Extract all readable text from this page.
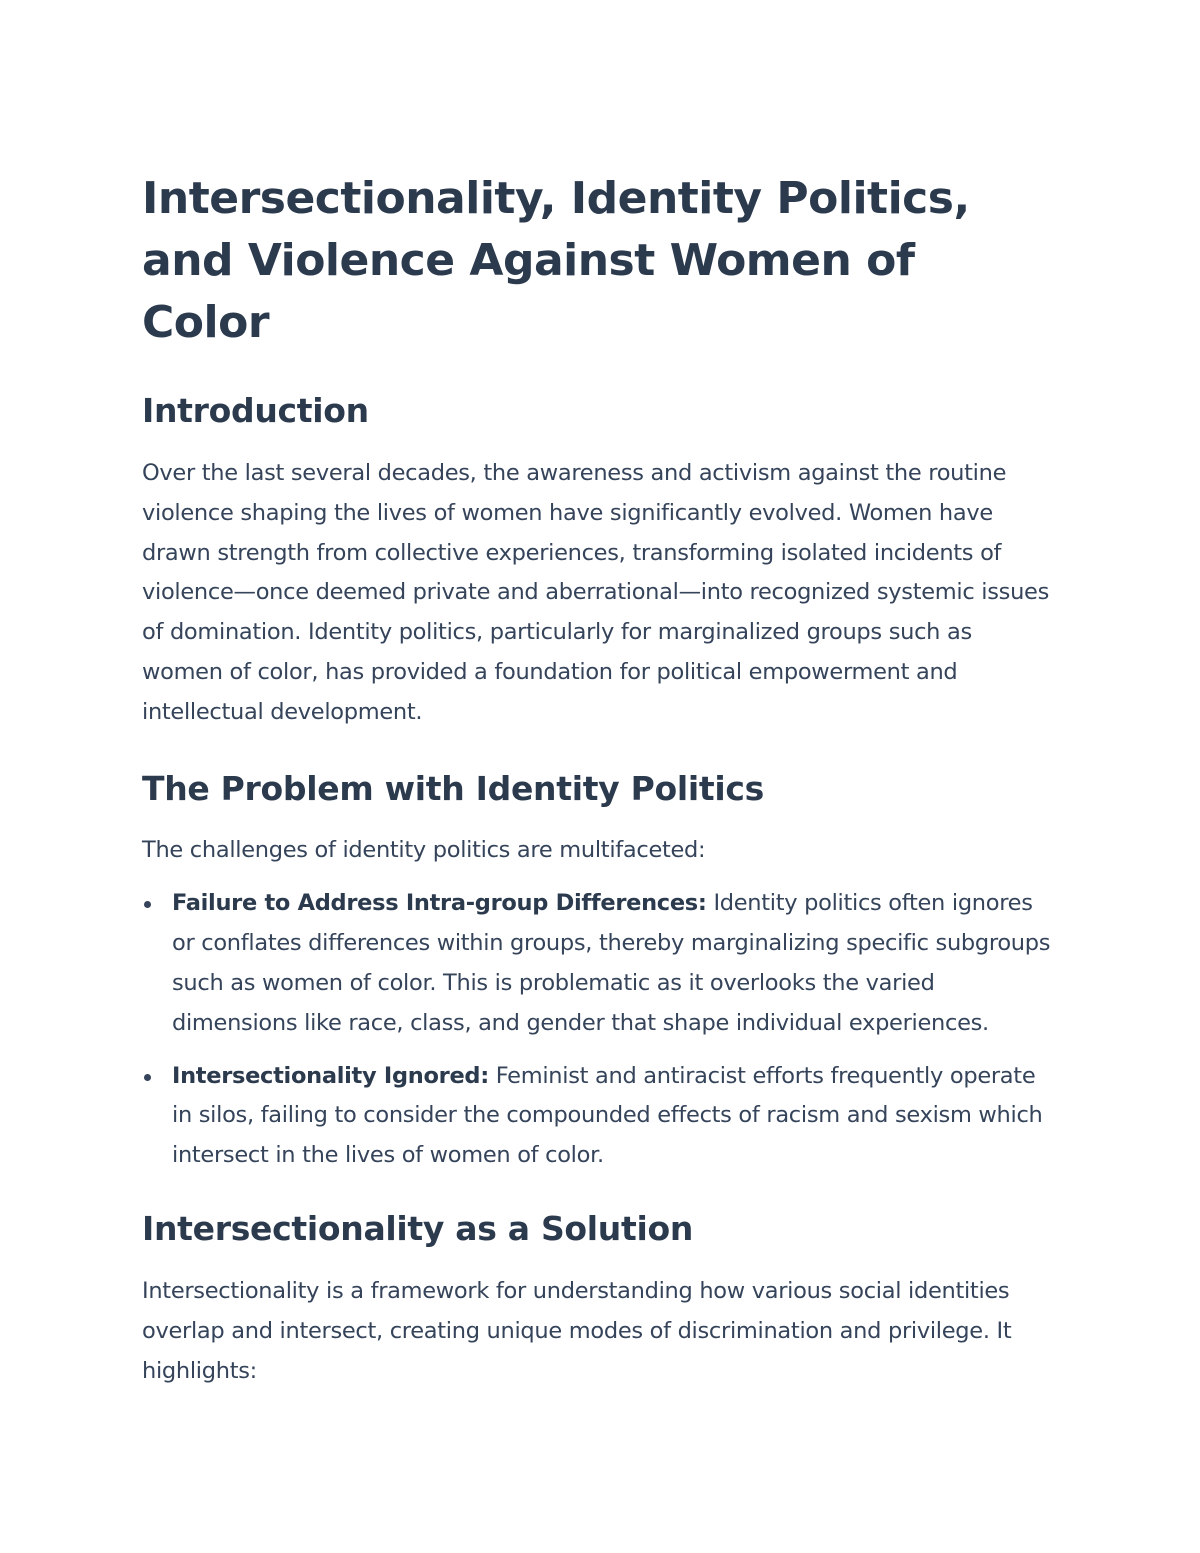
Intersectionality, Identity Politics, and Violence Against Women of Color
Introduction

Over the last several decades, the awareness and activism against the routine violence shaping the lives of women have significantly evolved. Women have drawn strength from collective experiences, transforming isolated incidents of violence—once deemed private and aberrational—into recognized systemic issues of domination. Identity politics, particularly for marginalized groups such as women of color, has provided a foundation for political empowerment and intellectual development.

The Problem with Identity Politics

The challenges of identity politics are multifaceted:

Failure to Address Intra-group Differences: Identity politics often ignores or conflates differences within groups, thereby marginalizing specific subgroups such as women of color. This is problematic as it overlooks the varied dimensions like race, class, and gender that shape individual experiences.
Intersectionality Ignored: Feminist and antiracist efforts frequently operate in silos, failing to consider the compounded effects of racism and sexism which intersect in the lives of women of color.
Intersectionality as a Solution

Intersectionality is a framework for understanding how various social identities overlap and intersect, creating unique modes of discrimination and privilege. It highlights:
